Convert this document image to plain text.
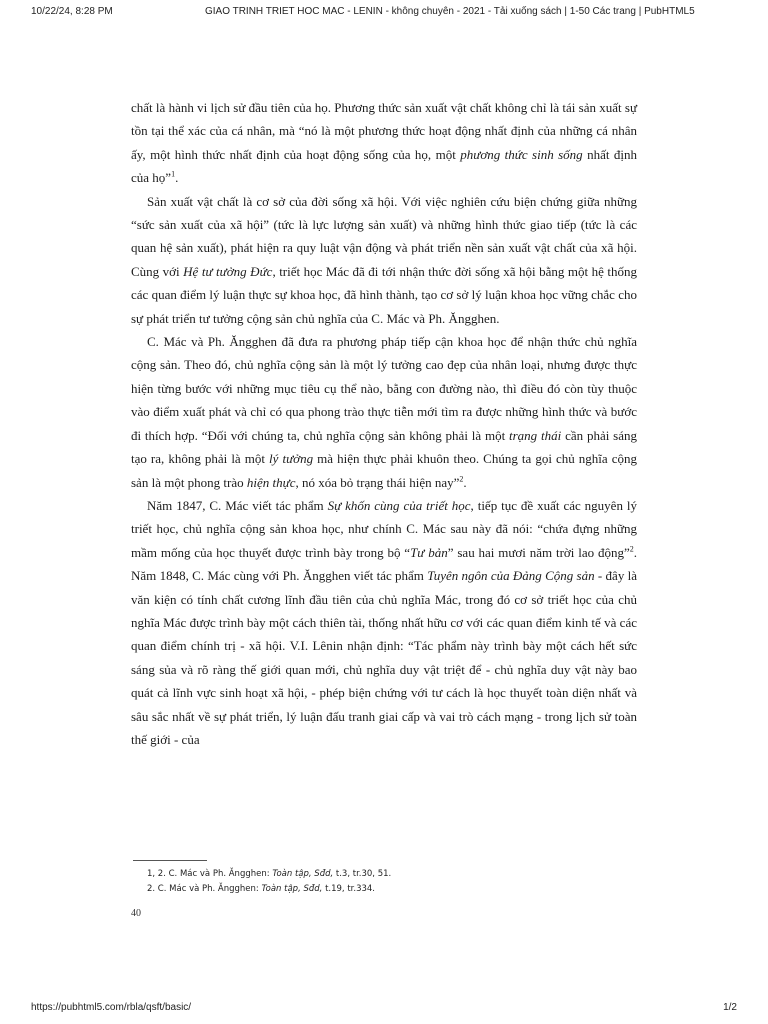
10/22/24, 8:28 PM	GIAO TRINH TRIET HOC MAC - LENIN - không chuyên - 2021 - Tải xuống sách | 1-50 Các trang | PubHTML5

chất là hành vi lịch sử đầu tiên của họ. Phương thức sản xuất vật chất không chỉ là tái sản xuất sự tồn tại thể xác của cá nhân, mà “nó là một phương thức hoạt động nhất định của những cá nhân ấy, một hình thức nhất định của hoạt động sống của họ, một phương thức sinh sống nhất định của họ”$^1$.

Sản xuất vật chất là cơ sở của đời sống xã hội. Với việc nghiên cứu biện chứng giữa những “sức sản xuất của xã hội” (tức là lực lượng sản xuất) và những hình thức giao tiếp (tức là các quan hệ sản xuất), phát hiện ra quy luật vận động và phát triển nền sản xuất vật chất của xã hội. Cùng với Hệ tư tưởng Đức, triết học Mác đã đi tới nhận thức đời sống xã hội bằng một hệ thống các quan điểm lý luận thực sự khoa học, đã hình thành, tạo cơ sở lý luận khoa học vững chắc cho sự phát triển tư tưởng cộng sản chủ nghĩa của C. Mác và Ph. Ăngghen.

C. Mác và Ph. Ăngghen đã đưa ra phương pháp tiếp cận khoa học để nhận thức chủ nghĩa cộng sản. Theo đó, chủ nghĩa cộng sản là một lý tưởng cao đẹp của nhân loại, nhưng được thực hiện từng bước với những mục tiêu cụ thể nào, bằng con đường nào, thì điều đó còn tùy thuộc vào điểm xuất phát và chỉ có qua phong trào thực tiễn mới tìm ra được những hình thức và bước đi thích hợp. “Đối với chúng ta, chủ nghĩa cộng sản không phải là một trạng thái cần phải sáng tạo ra, không phải là một lý tưởng mà hiện thực phải khuôn theo. Chúng ta gọi chủ nghĩa cộng sản là một phong trào hiện thực, nó xóa bỏ trạng thái hiện nay”$^2$.

Năm 1847, C. Mác viết tác phẩm Sự khốn cùng của triết học, tiếp tục đề xuất các nguyên lý triết học, chủ nghĩa cộng sản khoa học, như chính C. Mác sau này đã nói: “chứa đựng những mầm mống của học thuyết được trình bày trong bộ “Tư bản” sau hai mươi năm trời lao động”$^2$. Năm 1848, C. Mác cùng với Ph. Ăngghen viết tác phẩm Tuyên ngôn của Đảng Cộng sản - đây là văn kiện có tính chất cương lĩnh đầu tiên của chủ nghĩa Mác, trong đó cơ sở triết học của chủ nghĩa Mác được trình bày một cách thiên tài, thống nhất hữu cơ với các quan điểm kinh tế và các quan điểm chính trị - xã hội. V.I. Lênin nhận định: “Tác phẩm này trình bày một cách hết sức sáng sủa và rõ ràng thế giới quan mới, chủ nghĩa duy vật triệt để - chủ nghĩa duy vật này bao quát cả lĩnh vực sinh hoạt xã hội, - phép biện chứng với tư cách là học thuyết toàn diện nhất và sâu sắc nhất về sự phát triển, lý luận đấu tranh giai cấp và vai trò cách mạng - trong lịch sử toàn thế giới - của

1, 2. C. Mác và Ph. Ăngghen: Toàn tập, Sđd, t.3, tr.30, 51.
2. C. Mác và Ph. Ăngghen: Toàn tập, Sđd, t.19, tr.334.
40
https://pubhtml5.com/rbla/qsft/basic/	1/2
